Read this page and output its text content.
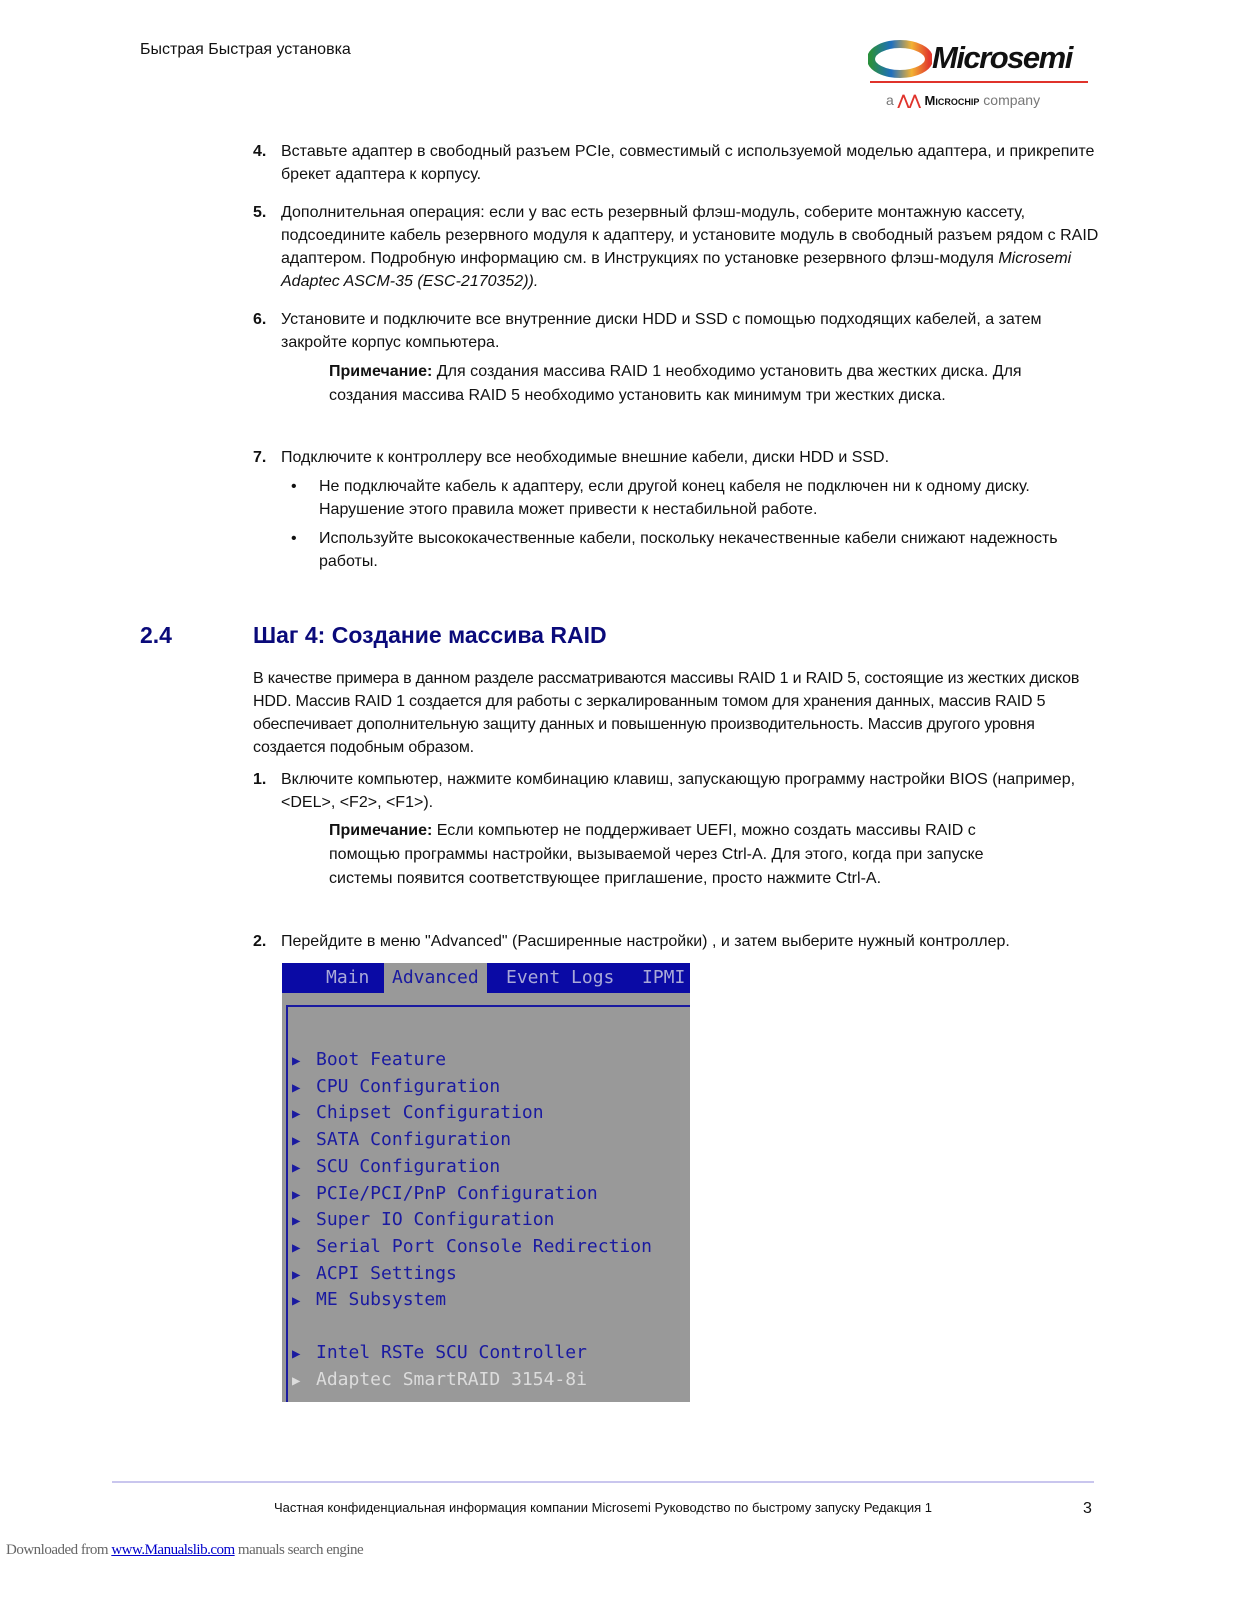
Быстрая Быстрая установка	Microsemi
a ⋀⋀ Microchip company
4. Вставьте адаптер в свободный разъем PCIe, совместимый с используемой моделью адаптера, и прикрепите брекет адаптера к корпусу.
5. Дополнительная операция: если у вас есть резервный флэш-модуль, соберите монтажную кассету, подсоедините кабель резервного модуля к адаптеру, и установите модуль в свободный разъем рядом с RAID адаптером. Подробную информацию см. в Инструкциях по установке резервного флэш-модуля Microsemi Adaptec ASCM-35 (ESC-2170352)).
6. Установите и подключите все внутренние диски HDD и SSD с помощью подходящих кабелей, а затем закройте корпус компьютера.
Примечание: Для создания массива RAID 1 необходимо установить два жестких диска. Для создания массива RAID 5 необходимо установить как минимум три жестких диска.
7. Подключите к контроллеру все необходимые внешние кабели, диски HDD и SSD.
• Не подключайте кабель к адаптеру, если другой конец кабеля не подключен ни к одному диску. Нарушение этого правила может привести к нестабильной работе.
• Используйте высококачественные кабели, поскольку некачественные кабели снижают надежность работы.
2.4	Шаг 4: Создание массива RAID
В качестве примера в данном разделе рассматриваются массивы RAID 1 и RAID 5, состоящие из жестких дисков HDD. Массив RAID 1 создается для работы с зеркалированным томом для хранения данных, массив RAID 5 обеспечивает дополнительную защиту данных и повышенную производительность. Массив другого уровня создается подобным образом.
1. Включите компьютер, нажмите комбинацию клавиш, запускающую программу настройки BIOS (например, <DEL>, <F2>, <F1>).
Примечание: Если компьютер не поддерживает UEFI, можно создать массивы RAID с помощью программы настройки, вызываемой через Ctrl-A. Для этого, когда при запуске системы появится соответствующее приглашение, просто нажмите Ctrl-A.
2. Перейдите в меню "Advanced" (Расширенные настройки) , и затем выберите нужный контроллер.
Main	Advanced	Event Logs IPMI
▶ Boot Feature
▶ CPU Configuration
▶ Chipset Configuration
▶ SATA Configuration
▶ SCU Configuration
▶ PCIe/PCI/PnP Configuration
▶ Super IO Configuration
▶ Serial Port Console Redirection
▶ ACPI Settings
▶ ME Subsystem
▶ Intel RSTe SCU Controller
▶ Adaptec SmartRAID 3154-8i
Частная конфиденциальная информация компании Microsemi Руководство по быстрому запуску Редакция 1	3
Downloaded from www.Manualslib.com manuals search engine
